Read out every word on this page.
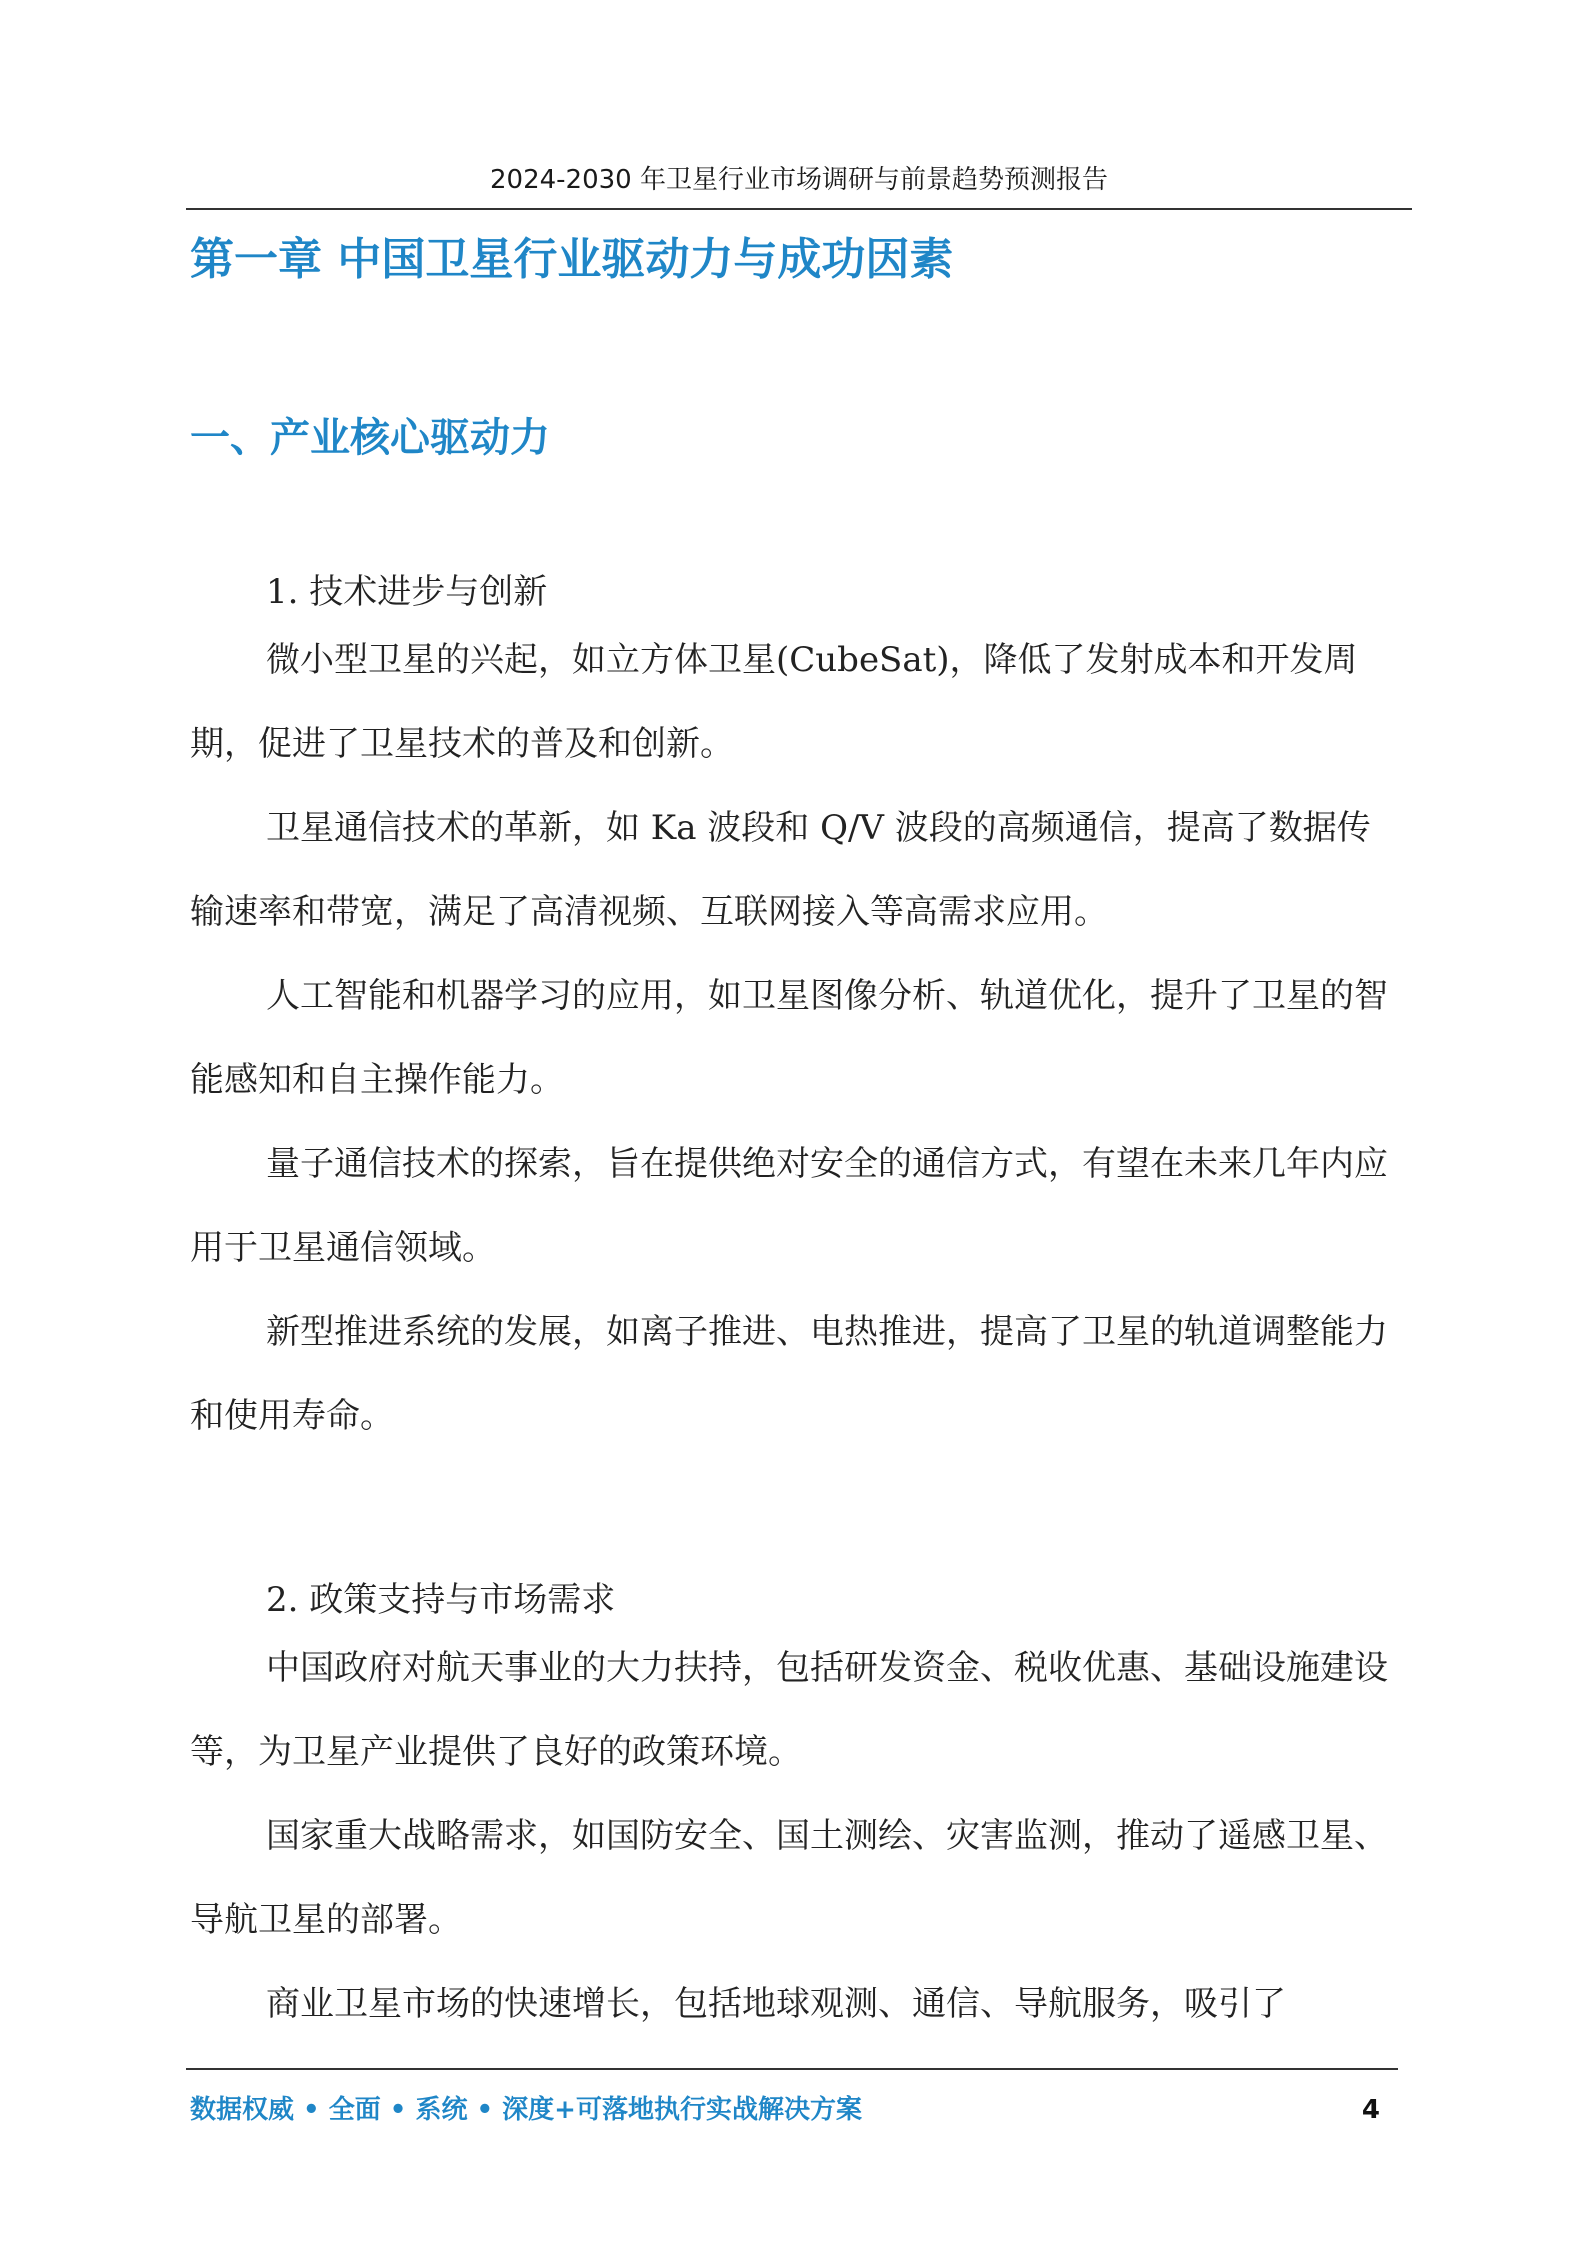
2024-2030 年卫星行业市场调研与前景趋势预测报告
第一章 中国卫星行业驱动力与成功因素
一、产业核心驱动力
1. 技术进步与创新

微小型卫星的兴起，如立方体卫星(CubeSat)，降低了发射成本和开发周期，促进了卫星技术的普及和创新。

卫星通信技术的革新，如 Ka 波段和 Q/V 波段的高频通信，提高了数据传输速率和带宽，满足了高清视频、互联网接入等高需求应用。

人工智能和机器学习的应用，如卫星图像分析、轨道优化，提升了卫星的智能感知和自主操作能力。

量子通信技术的探索，旨在提供绝对安全的通信方式，有望在未来几年内应用于卫星通信领域。

新型推进系统的发展，如离子推进、电热推进，提高了卫星的轨道调整能力和使用寿命。

2. 政策支持与市场需求

中国政府对航天事业的大力扶持，包括研发资金、税收优惠、基础设施建设等，为卫星产业提供了良好的政策环境。

国家重大战略需求，如国防安全、国土测绘、灾害监测，推动了遥感卫星、导航卫星的部署。

商业卫星市场的快速增长，包括地球观测、通信、导航服务，吸引了

数据权威 • 全面 • 系统 • 深度+可落地执行实战解决方案	4
